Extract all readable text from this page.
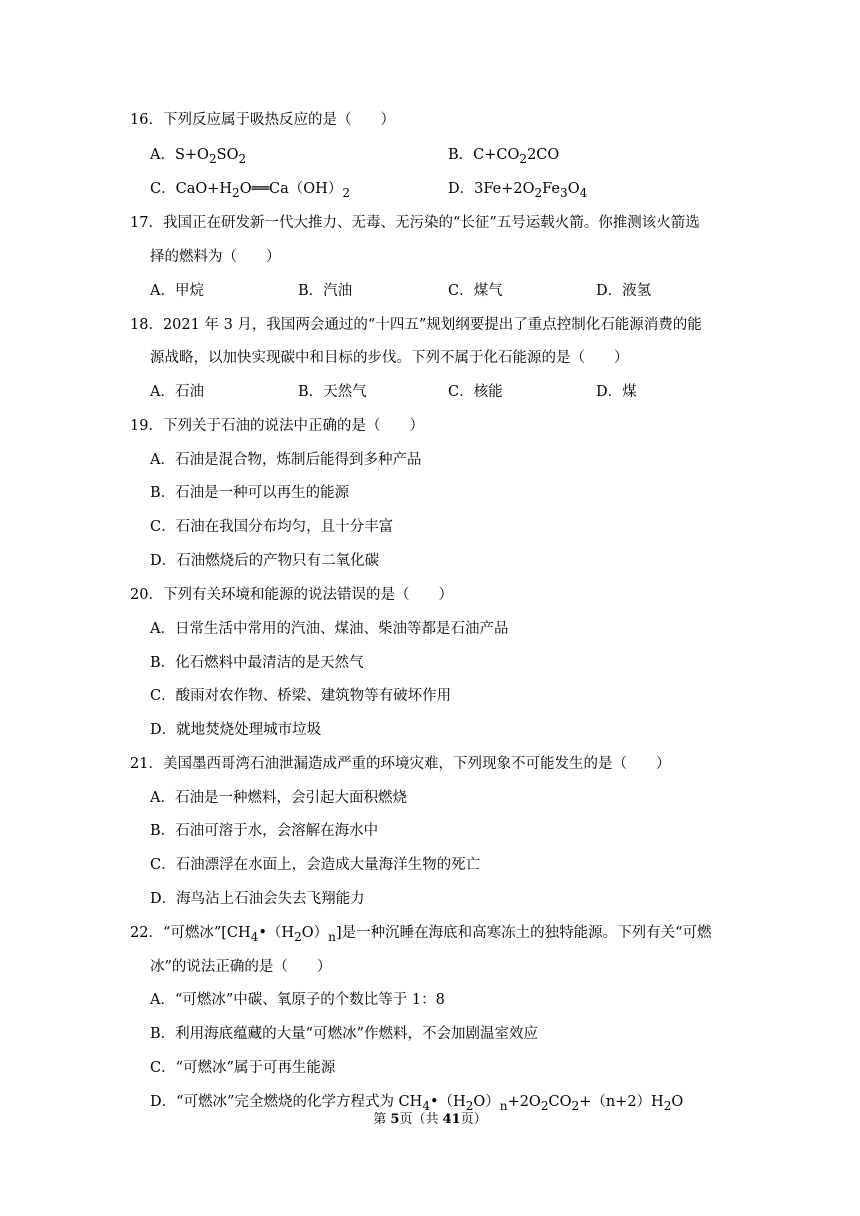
16．下列反应属于吸热反应的是（　　）
A．$S+O_2SO_2$	B．$C+CO_22CO$
C．$CaO+H_2O══Ca(OH)_2$	D．$3Fe+2O_2Fe_3O_4$
17．我国正在研发新一代大推力、无毒、无污染的“长征”五号运载火箭。你推测该火箭选
择的燃料为（　　）
A．甲烷	B．汽油	C．煤气	D．液氢
18．2021 年 3 月，我国两会通过的“十四五”规划纲要提出了重点控制化石能源消费的能
源战略，以加快实现碳中和目标的步伐。下列不属于化石能源的是（　　）
A．石油	B．天然气	C．核能	D．煤
19．下列关于石油的说法中正确的是（　　）
A．石油是混合物，炼制后能得到多种产品
B．石油是一种可以再生的能源
C．石油在我国分布均匀，且十分丰富
D．石油燃烧后的产物只有二氧化碳
20．下列有关环境和能源的说法错误的是（　　）
A．日常生活中常用的汽油、煤油、柴油等都是石油产品
B．化石燃料中最清洁的是天然气
C．酸雨对农作物、桥梁、建筑物等有破坏作用
D．就地焚烧处理城市垃圾
21．美国墨西哥湾石油泄漏造成严重的环境灾难，下列现象不可能发生的是（　　）
A．石油是一种燃料，会引起大面积燃烧
B．石油可溶于水，会溶解在海水中
C．石油漂浮在水面上，会造成大量海洋生物的死亡
D．海鸟沾上石油会失去飞翔能力
22．“可燃冰$”[CH_4•(H_2O)_n]$是一种沉睡在海底和高寒冻土的独特能源。下列有关“可燃
冰”的说法正确的是（　　）
A．“可燃冰”中碳、氧原子的个数比等于 1：8
B．利用海底蕴藏的大量“可燃冰”作燃料，不会加剧温室效应
C．“可燃冰”属于可再生能源
D．“可燃冰”完全燃烧的化学方程式为 $CH_4•(H_2O)_n+2O_2CO_2+(n+2)H_2O$
第 5页（共 41页）
